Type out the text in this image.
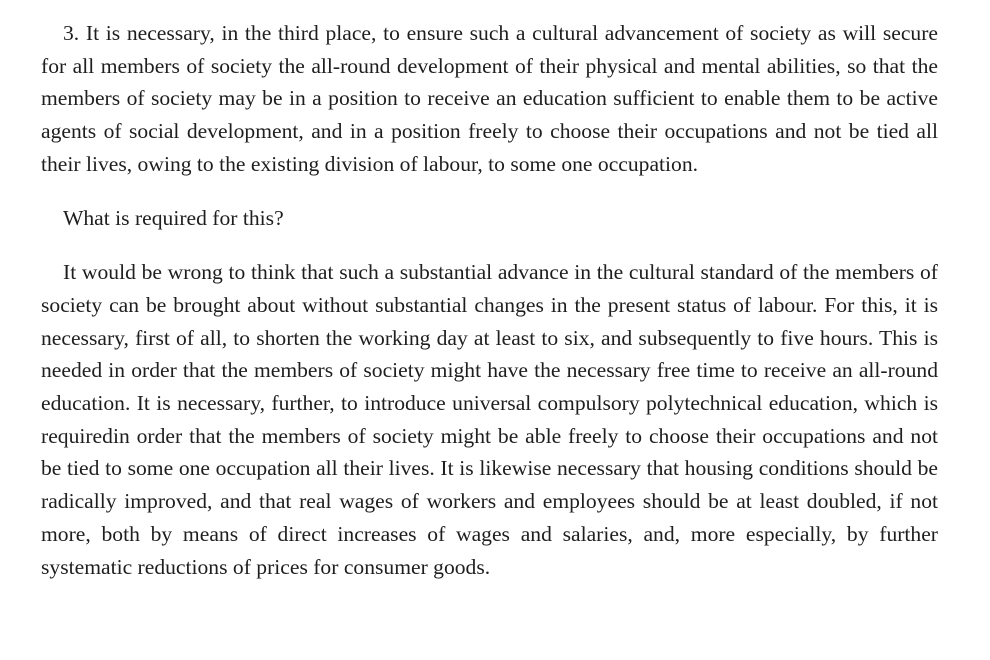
3. It is necessary, in the third place, to ensure such a cultural advancement of society as will secure for all members of society the all-round development of their physical and mental abilities, so that the members of society may be in a position to receive an education sufficient to enable them to be active agents of social development, and in a position freely to choose their occupations and not be tied all their lives, owing to the existing division of labour, to some one occupation.

What is required for this?

It would be wrong to think that such a substantial advance in the cultural standard of the members of society can be brought about without substantial changes in the present status of labour. For this, it is necessary, first of all, to shorten the working day at least to six, and subsequently to five hours. This is needed in order that the members of society might have the necessary free time to receive an all-round education. It is necessary, further, to introduce universal compulsory polytechnical education, which is requiredin order that the members of society might be able freely to choose their occupations and not be tied to some one occupation all their lives. It is likewise necessary that housing conditions should be radically improved, and that real wages of workers and employees should be at least doubled, if not more, both by means of direct increases of wages and salaries, and, more especially, by further systematic reductions of prices for consumer goods.
